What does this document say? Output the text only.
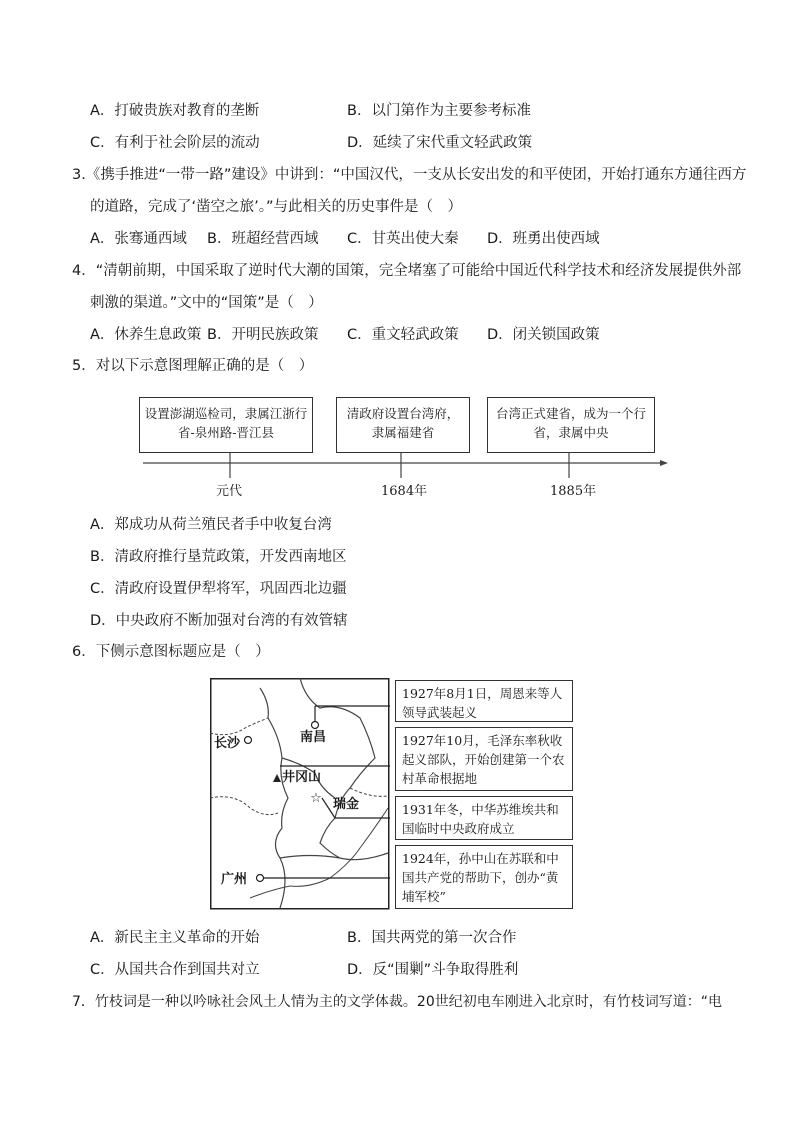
A．打破贵族对教育的垄断	B．以门第作为主要参考标准
C．有利于社会阶层的流动	D．延续了宋代重文轻武政策
3.《携手推进“一带一路”建设》中讲到：“中国汉代，一支从长安出发的和平使团，开始打通东方通往西方
的道路，完成了‘凿空之旅’。”与此相关的历史事件是（　）
A．张骞通西域 B．班超经营西域 C．甘英出使大秦 D．班勇出使西域
4．“清朝前期，中国采取了逆时代大潮的国策，完全堵塞了可能给中国近代科学技术和经济发展提供外部
刺激的渠道。”文中的“国策”是（　）
A．休养生息政策 B．开明民族政策 C．重文轻武政策 D．闭关锁国政策
5．对以下示意图理解正确的是（　）
设置澎湖巡检司，隶属江浙行省-泉州路-晋江县
清政府设置台湾府，隶属福建省
台湾正式建省，成为一个行省，隶属中央
元代	1684年	1885年
A．郑成功从荷兰殖民者手中收复台湾
B．清政府推行垦荒政策，开发西南地区
C．清政府设置伊犁将军，巩固西北边疆
D．中央政府不断加强对台湾的有效管辖
6．下侧示意图标题应是（　）
☆
长沙	南昌
井冈山
瑞金
广州
1927年8月1日，周恩来等人领导武装起义
1927年10月，毛泽东率秋收起义部队，开始创建第一个农村革命根据地
1931年冬，中华苏维埃共和国临时中央政府成立
1924年，孙中山在苏联和中国共产党的帮助下，创办“黄埔军校”
A．新民主主义革命的开始	B．国共两党的第一次合作
C．从国共合作到国共对立	D．反“围剿”斗争取得胜利
7．竹枝词是一种以吟咏社会风土人情为主的文学体裁。20世纪初电车刚进入北京时，有竹枝词写道：“电
